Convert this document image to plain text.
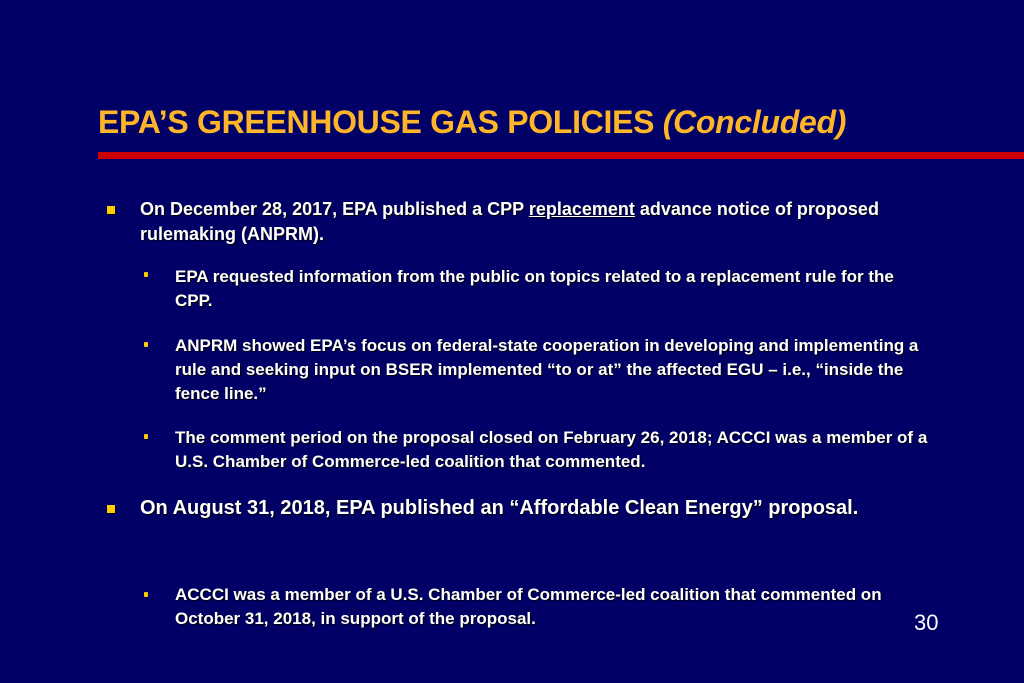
EPA’S GREENHOUSE GAS POLICIES (Concluded)
On December 28, 2017, EPA published a CPP replacement advance notice of proposed rulemaking (ANPRM).
EPA requested information from the public on topics related to a replacement rule for the CPP.
ANPRM showed EPA’s focus on federal-state cooperation in developing and implementing a rule and seeking input on BSER implemented “to or at” the affected EGU – i.e., “inside the fence line.”
The comment period on the proposal closed on February 26, 2018; ACCCI was a member of a U.S. Chamber of Commerce-led coalition that commented.
On August 31, 2018, EPA published an “Affordable Clean Energy” proposal.
ACCCI was a member of a U.S. Chamber of Commerce-led coalition that commented on October 31, 2018, in support of the proposal.	30
